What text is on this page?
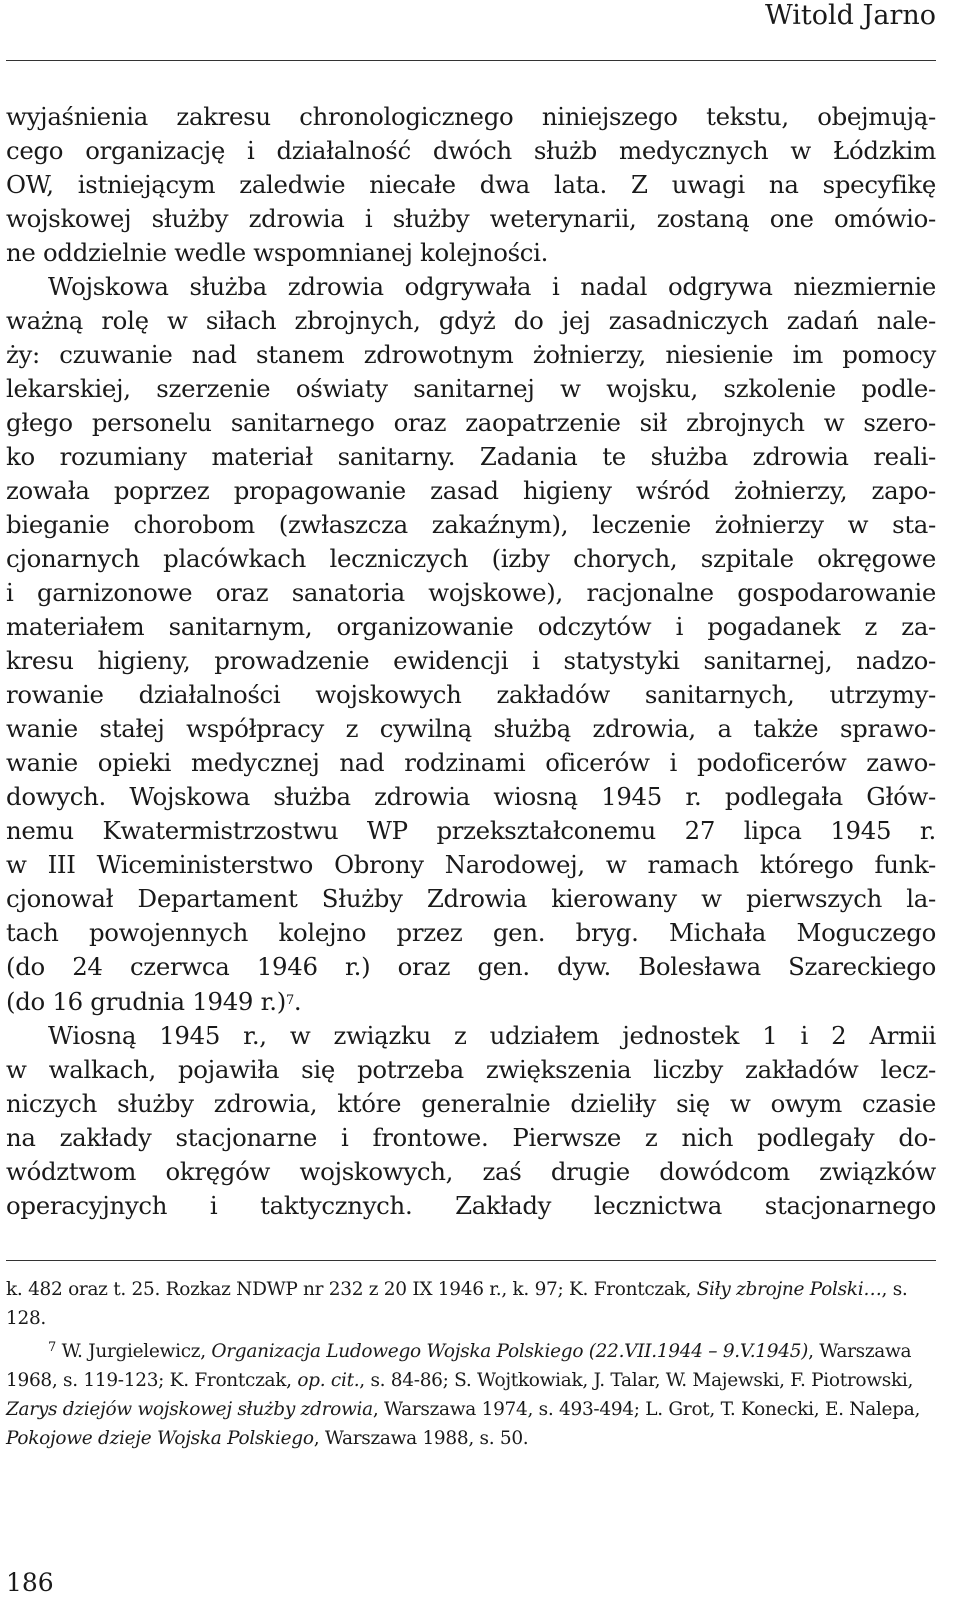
Witold Jarno
wyjaśnienia zakresu chronologicznego niniejszego tekstu, obejmują-
cego organizację i działalność dwóch służb medycznych w Łódzkim
OW, istniejącym zaledwie niecałe dwa lata. Z uwagi na specyfikę
wojskowej służby zdrowia i służby weterynarii, zostaną one omówio-
ne oddzielnie wedle wspomnianej kolejności.
Wojskowa służba zdrowia odgrywała i nadal odgrywa niezmiernie
ważną rolę w siłach zbrojnych, gdyż do jej zasadniczych zadań nale-
ży: czuwanie nad stanem zdrowotnym żołnierzy, niesienie im pomocy
lekarskiej, szerzenie oświaty sanitarnej w wojsku, szkolenie podle-
głego personelu sanitarnego oraz zaopatrzenie sił zbrojnych w szero-
ko rozumiany materiał sanitarny. Zadania te służba zdrowia reali-
zowała poprzez propagowanie zasad higieny wśród żołnierzy, zapo-
bieganie chorobom (zwłaszcza zakaźnym), leczenie żołnierzy w sta-
cjonarnych placówkach leczniczych (izby chorych, szpitale okręgowe
i garnizonowe oraz sanatoria wojskowe), racjonalne gospodarowanie
materiałem sanitarnym, organizowanie odczytów i pogadanek z za-
kresu higieny, prowadzenie ewidencji i statystyki sanitarnej, nadzo-
rowanie działalności wojskowych zakładów sanitarnych, utrzymy-
wanie stałej współpracy z cywilną służbą zdrowia, a także sprawo-
wanie opieki medycznej nad rodzinami oficerów i podoficerów zawo-
dowych. Wojskowa służba zdrowia wiosną 1945 r. podlegała Głów-
nemu Kwatermistrzostwu WP przekształconemu 27 lipca 1945 r.
w III Wiceministerstwo Obrony Narodowej, w ramach którego funk-
cjonował Departament Służby Zdrowia kierowany w pierwszych la-
tach powojennych kolejno przez gen. bryg. Michała Moguczego
(do 24 czerwca 1946 r.) oraz gen. dyw. Bolesława Szareckiego
(do 16 grudnia 1949 r.)$^7$.
Wiosną 1945 r., w związku z udziałem jednostek 1 i 2 Armii
w walkach, pojawiła się potrzeba zwiększenia liczby zakładów lecz-
niczych służby zdrowia, które generalnie dzieliły się w owym czasie
na zakłady stacjonarne i frontowe. Pierwsze z nich podlegały do-
wództwom okręgów wojskowych, zaś drugie dowódcom związków
operacyjnych i taktycznych. Zakłady lecznictwa stacjonarnego
k. 482 oraz t. 25. Rozkaz NDWP nr 232 z 20 IX 1946 r., k. 97; K. Frontczak, Siły zbrojne Polski…, s. 128.
$^7$ W. Jurgielewicz, Organizacja Ludowego Wojska Polskiego (22.VII.1944 – 9.V.1945), Warszawa 1968, s. 119-123; K. Frontczak, op. cit., s. 84-86; S. Wojtkowiak, J. Talar, W. Majewski, F. Piotrowski, Zarys dziejów wojskowej służby zdrowia, Warszawa 1974, s. 493-494; L. Grot, T. Konecki, E. Nalepa, Pokojowe dzieje Wojska Polskiego, Warszawa 1988, s. 50.
186
